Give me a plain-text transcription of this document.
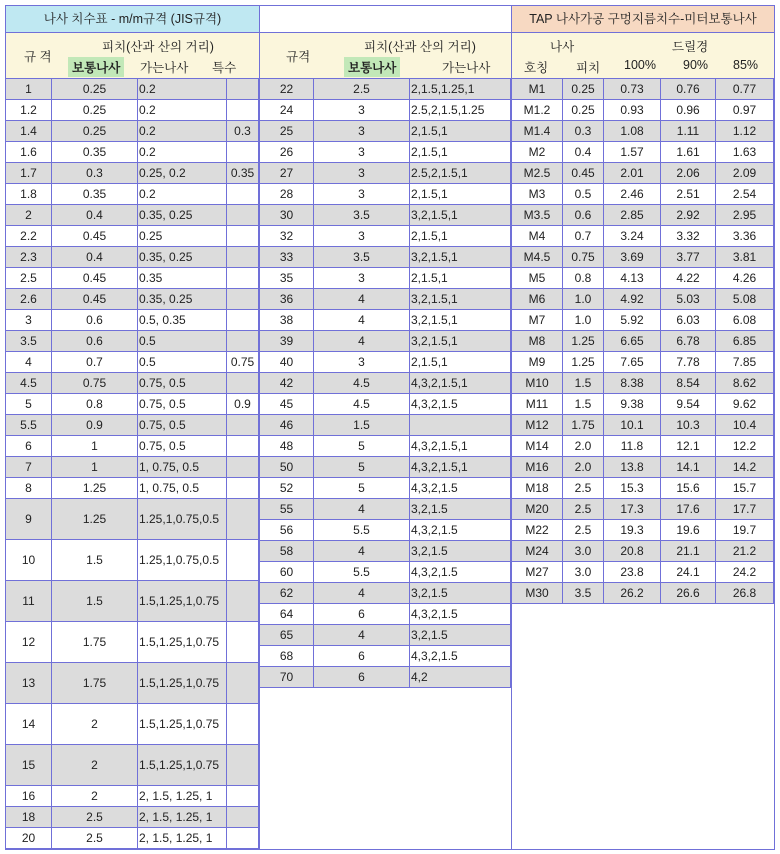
나사 치수표 - m/m규격 (JIS규격)
규 격
피치(산과 산의 거리)
보통나사	가는나사 특수
규격
피치(산과 산의 거리)
보통나사	가는나사
TAP 나사가공 구멍지름치수-미터보통나사
나사	드릴경
호칭 피치 100% 90% 85%
1	0.25	0.2	
1.2	0.25	0.2	
1.4	0.25	0.2	0.3
1.6	0.35	0.2	
1.7	0.3	0.25, 0.2	0.35
1.8	0.35	0.2	
2	0.4	0.35, 0.25	
2.2	0.45	0.25	
2.3	0.4	0.35, 0.25	
2.5	0.45	0.35	
2.6	0.45	0.35, 0.25	
3	0.6	0.5, 0.35	
3.5	0.6	0.5	
4	0.7	0.5	0.75
4.5	0.75	0.75, 0.5	
5	0.8	0.75, 0.5	0.9
5.5	0.9	0.75, 0.5	
6	1	0.75, 0.5	
7	1	1, 0.75, 0.5	
8	1.25	1, 0.75, 0.5	
9	1.25	1.25,1,0.75,0.5	
10	1.5	1.25,1,0.75,0.5	
11	1.5	1.5,1.25,1,0.75	
12	1.75	1.5,1.25,1,0.75	
13	1.75	1.5,1.25,1,0.75	
14	2	1.5,1.25,1,0.75	
15	2	1.5,1.25,1,0.75	
16	2	2, 1.5, 1.25, 1	
18	2.5	2, 1.5, 1.25, 1	
20	2.5	2, 1.5, 1.25, 1	
22	2.5	2,1.5,1.25,1
24	3	2.5,2,1.5,1.25
25	3	2,1.5,1
26	3	2,1.5,1
27	3	2.5,2,1.5,1
28	3	2,1.5,1
30	3.5	3,2,1.5,1
32	3	2,1.5,1
33	3.5	3,2,1.5,1
35	3	2,1.5,1
36	4	3,2,1.5,1
38	4	3,2,1.5,1
39	4	3,2,1.5,1
40	3	2,1.5,1
42	4.5	4,3,2,1.5,1
45	4.5	4,3,2,1.5
46	1.5	
48	5	4,3,2,1.5,1
50	5	4,3,2,1.5,1
52	5	4,3,2,1.5
55	4	3,2,1.5
56	5.5	4,3,2,1.5
58	4	3,2,1.5
60	5.5	4,3,2,1.5
62	4	3,2,1.5
64	6	4,3,2,1.5
65	4	3,2,1.5
68	6	4,3,2,1.5
70	6	4,2
M1	0.25	0.73	0.76	0.77
M1.2	0.25	0.93	0.96	0.97
M1.4	0.3	1.08	1.11	1.12
M2	0.4	1.57	1.61	1.63
M2.5	0.45	2.01	2.06	2.09
M3	0.5	2.46	2.51	2.54
M3.5	0.6	2.85	2.92	2.95
M4	0.7	3.24	3.32	3.36
M4.5	0.75	3.69	3.77	3.81
M5	0.8	4.13	4.22	4.26
M6	1.0	4.92	5.03	5.08
M7	1.0	5.92	6.03	6.08
M8	1.25	6.65	6.78	6.85
M9	1.25	7.65	7.78	7.85
M10	1.5	8.38	8.54	8.62
M11	1.5	9.38	9.54	9.62
M12	1.75	10.1	10.3	10.4
M14	2.0	11.8	12.1	12.2
M16	2.0	13.8	14.1	14.2
M18	2.5	15.3	15.6	15.7
M20	2.5	17.3	17.6	17.7
M22	2.5	19.3	19.6	19.7
M24	3.0	20.8	21.1	21.2
M27	3.0	23.8	24.1	24.2
M30	3.5	26.2	26.6	26.8
